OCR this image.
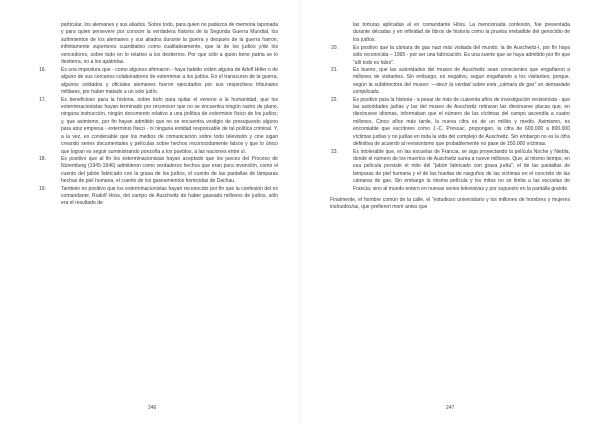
particular, los alemanes y sus aliados. Sobre todo, para quien no padezca de memoria taponada y para quien persevere por conocer la verdadera historia de la Segunda Guerra Mundial, los sufrimientos de los alemanes y sus aliados durante la guerra y después de la guerra fueron, infinitamente superiores cuantitativo como cualitativamente, que la de los judíos y/de los vencedores, sobre todo en lo relativo a los destierros. Por que sólo a quien tiene patria se lo destierra, no a los apátridas.

16.	Es una impostura que - como algunos afirmaron - haya habido orden alguna de Adolf Hitler o de alguno de sus cercanos colaboradores de exterminar a los judíos. En el transcurso de la guerra, algunos soldados y oficiales alemanes fueron ejecutados por sus respectivos tribunales militares, por haber matado a un solo judío.
17.	Es beneficioso para la historia, sobre todo para quitar el veneno a la humanidad, que los exterminacionistas hayan terminado por reconocer que no se encuentra ningún rastro de plano, ninguna instrucción, ningún documento relativo a una política de exterminio físico de los judíos; y, que asimismo, por fin hayan admitido que no se encuentra vestigio de presupuesto alguno para atoz empresa - exterminio físico - ni ninguna entidad responsable de tal política criminal. Y, a la vez, es condenable que los medios de comunicación sobre todo televisión y cine sigan creando series documentales y películas sobre hechos reconocidamente falsos y que lo único que logran es seguir suministrando ponzoña a los pueblos, a las naciones entre sí.
18.	Es positivo que al fin los exterminacionistas hayan aceptado que los jueces del Proceso de Núremberg (1945-1946) admitieron como verdaderos hechos que eran pura invención, como el cuento del jabón fabricado con la grasa de los judíos, el cuento de las pantallas de lámparas hechas de piel humana, el cuento de los gaseamientos homicidas de Dachau.
19.	También es positivo que los exterminacionistas hayan reconocido por fin que la confesión del ex comandante, Rudolf Höss, del campo de Auschwitz de haber gaseado millones de judíos, sólo era el resultado de
246

las torturas aplicadas al ex comandante Höss. La mencionada confesión, fue presentada durante décadas y en infinidad de libros de historia como la prueba irrebatible del genocidio de los judíos.

20.	Es positivo que la cámara de gas nazi más visitada del mundo, la de Auschwitz-I, por fin haya sido reconocida – 1995 - por ser una fabricación. Es una suerte que se haya admitido por fin que "allí todo es falso".
21.	Es bueno, que las autoridades del museo de Auschwitz sean conscientes que engañaron a millones de visitantes. Sin embargo, es negativo, seguir engañando a los visitantes; porque, según la subdirectora del museo: —decir la verdad sobre esta „cámara de gas‟ es demasiado complicado.
22.	Es positivo para la historia - a pesar de más de cuarenta años de investigación revisionista - que las autoridades judías y las del museo de Auschwitz retiraran las diecinueve placas que, en diecinueve idiomas, informaban que el número de las víctimas del campo ascendía a cuatro millones. Cinco años más tarde, la nueva cifra es de un millón y medio. Asimismo, es encomiable que escritores como J.-C. Pressac, propongan, la cifra de 600.000 a 800.000 víctimas judías y no judías en toda la vida del complejo de Auschwitz. Sin embargo no es la cifra definitiva de acuerdo al revisionismo que probablemente no pase de 150.000 víctimas.
23.	Es intolerable que, en las escuelas de Francia, se siga proyectando la película Noche y Niebla, donde el número de los muertos de Auschwitz suma a nueve millones. Que, al mismo tiempo, en esa película persiste el mito del "jabón fabricado con grasa judía", el de las pantallas de lámparas de piel humana y el de las huellas de rasguños de las víctimas en el concreto de las cámaras de gas. Sin embargo la misma película y los mitos no se limita a las escuelas de Francia; sino al mundo entero en nuevas series televisivas y por supuesto en la pantalla grande.

Finalmente, el hombre común de la calle, el "estudioso universitario y los millones de hombres y mujeres instruidos/as, que prefieren morir antes que

247
